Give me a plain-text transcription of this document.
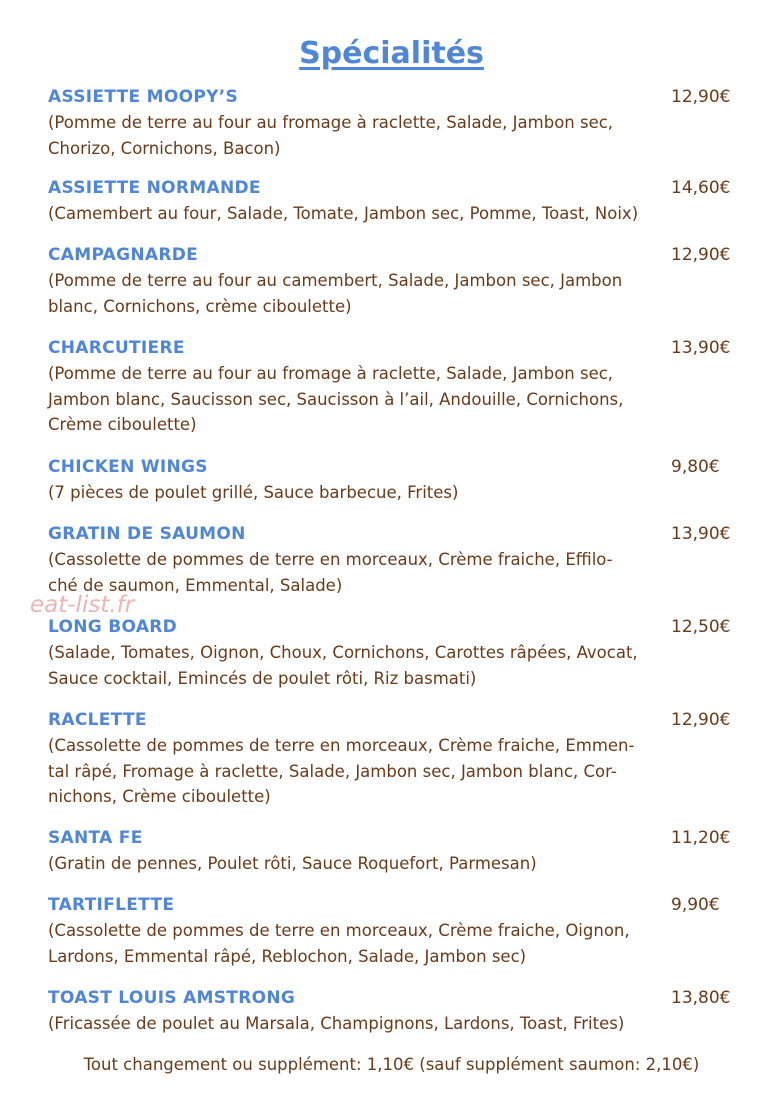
Spécialités
ASSIETTE MOOPY’S	12,90€
(Pomme de terre au four au fromage à raclette, Salade, Jambon sec,
Chorizo, Cornichons, Bacon)
ASSIETTE NORMANDE	14,60€
(Camembert au four, Salade, Tomate, Jambon sec, Pomme, Toast, Noix)
CAMPAGNARDE	12,90€
(Pomme de terre au four au camembert, Salade, Jambon sec, Jambon
blanc, Cornichons, crème ciboulette)
CHARCUTIERE	13,90€
(Pomme de terre au four au fromage à raclette, Salade, Jambon sec,
Jambon blanc, Saucisson sec, Saucisson à l’ail, Andouille, Cornichons,
Crème ciboulette)
CHICKEN WINGS	9,80€
(7 pièces de poulet grillé, Sauce barbecue, Frites)
GRATIN DE SAUMON	13,90€
(Cassolette de pommes de terre en morceaux, Crème fraiche, Effilo-
ché de saumon, Emmental, Salade)
LONG BOARD	12,50€
(Salade, Tomates, Oignon, Choux, Cornichons, Carottes râpées, Avocat,
Sauce cocktail, Emincés de poulet rôti, Riz basmati)
RACLETTE	12,90€
(Cassolette de pommes de terre en morceaux, Crème fraiche, Emmen-
tal râpé, Fromage à raclette, Salade, Jambon sec, Jambon blanc, Cor-
nichons, Crème ciboulette)
SANTA FE	11,20€
(Gratin de pennes, Poulet rôti, Sauce Roquefort, Parmesan)
TARTIFLETTE	9,90€
(Cassolette de pommes de terre en morceaux, Crème fraiche, Oignon,
Lardons, Emmental râpé, Reblochon, Salade, Jambon sec)
TOAST LOUIS AMSTRONG	13,80€
(Fricassée de poulet au Marsala, Champignons, Lardons, Toast, Frites)
eat-list.fr
Tout changement ou supplément: 1,10€ (sauf supplément saumon: 2,10€)
